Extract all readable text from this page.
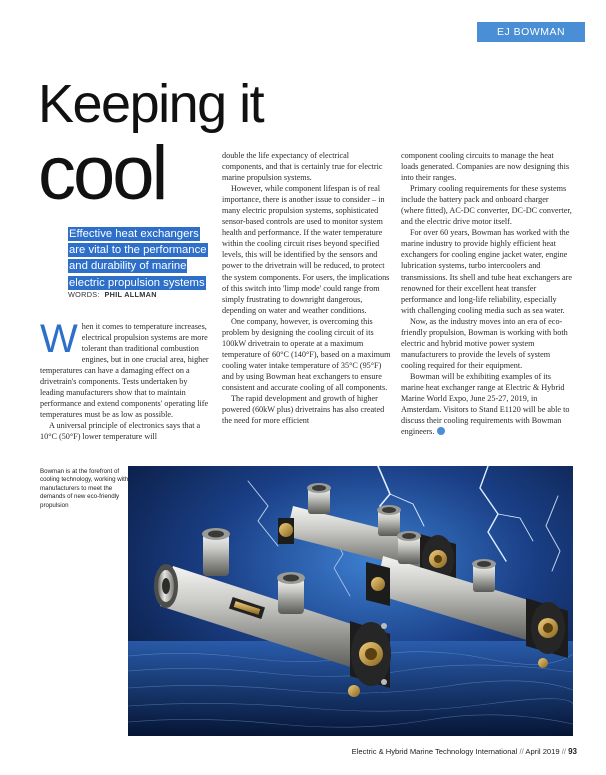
EJ BOWMAN
Keeping it
cool
Effective heat exchangers are vital to the performance and durability of marine electric propulsion systems
WORDS: PHIL ALLMAN
W hen it comes to temperature increases, electrical propulsion systems are more tolerant than traditional combustion engines, but in one crucial area, higher temperatures can have a damaging effect on a drivetrain's components. Tests undertaken by leading manufacturers show that to maintain performance and extend components' operating life temperatures must be as low as possible.

A universal principle of electronics says that a 10°C (50°F) lower temperature will

double the life expectancy of electrical components, and that is certainly true for electric marine propulsion systems.

However, while component lifespan is of real importance, there is another issue to consider – in many electric propulsion systems, sophisticated sensor-based controls are used to monitor system health and performance. If the water temperature within the cooling circuit rises beyond specified levels, this will be identified by the sensors and power to the drivetrain will be reduced, to protect the system components. For users, the implications of this switch into 'limp mode' could range from simply frustrating to downright dangerous, depending on water and weather conditions.

One company, however, is overcoming this problem by designing the cooling circuit of its 100kW drivetrain to operate at a maximum temperature of 60°C (140°F), based on a maximum cooling water intake temperature of 35°C (95°F) and by using Bowman heat exchangers to ensure consistent and accurate cooling of all components.

The rapid development and growth of higher powered (60kW plus) drivetrains has also created the need for more efficient

component cooling circuits to manage the heat loads generated. Companies are now designing this into their ranges.

Primary cooling requirements for these systems include the battery pack and onboard charger (where fitted), AC-DC converter, DC-DC converter, and the electric drive motor itself.

For over 60 years, Bowman has worked with the marine industry to provide highly efficient heat exchangers for cooling engine jacket water, engine lubrication systems, turbo intercoolers and transmissions. Its shell and tube heat exchangers are renowned for their excellent heat transfer performance and long-life reliability, especially with challenging cooling media such as sea water.

Now, as the industry moves into an era of eco-friendly propulsion, Bowman is working with both electric and hybrid motive power system manufacturers to provide the levels of system cooling required for their equipment.

Bowman will be exhibiting examples of its marine heat exchanger range at Electric & Hybrid Marine World Expo, June 25-27, 2019, in Amsterdam. Visitors to Stand E1120 will be able to discuss their cooling requirements with Bowman engineers.

Bowman is at the forefront of cooling technology, working with manufacturers to meet the demands of new eco-friendly propulsion
Electric & Hybrid Marine Technology International // April 2019 // 93
